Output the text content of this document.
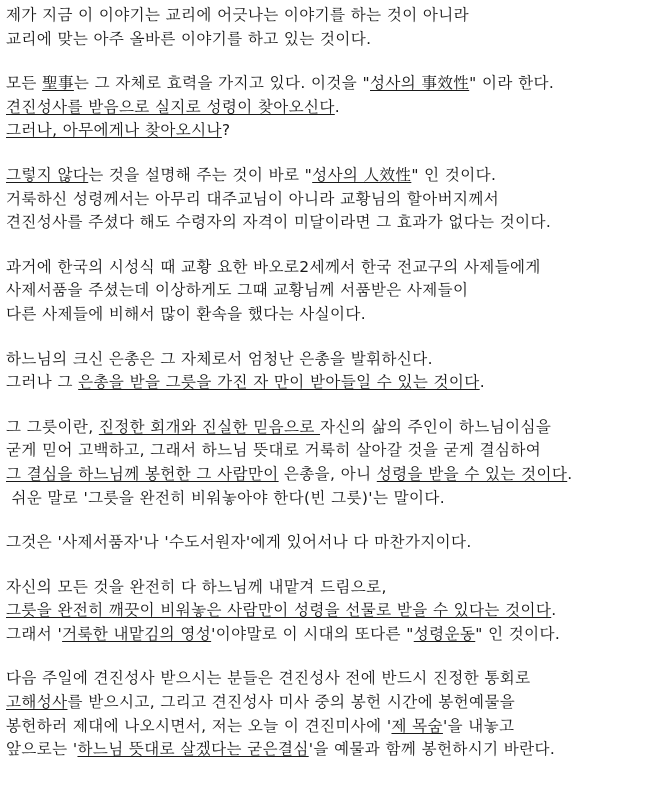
제가 지금 이 이야기는 교리에 어긋나는 이야기를 하는 것이 아니라
교리에 맞는 아주 올바른 이야기를 하고 있는 것이다.
모든 聖事는 그 자체로 효력을 가지고 있다. 이것을 "성사의 事效性" 이라 한다.
견진성사를 받음으로 실지로 성령이 찾아오신다.
그러나, 아무에게나 찾아오시나?
그렇지 않다는 것을 설명해 주는 것이 바로 "성사의 人效性" 인 것이다.
거룩하신 성령께서는 아무리 대주교님이 아니라 교황님의 할아버지께서
견진성사를 주셨다 해도 수령자의 자격이 미달이라면 그 효과가 없다는 것이다.
과거에 한국의 시성식 때 교황 요한 바오로2세께서 한국 전교구의 사제들에게
사제서품을 주셨는데 이상하게도 그때 교황님께 서품받은 사제들이
다른 사제들에 비해서 많이 환속을 했다는 사실이다.
하느님의 크신 은총은 그 자체로서 엄청난 은총을 발휘하신다.
그러나 그 은총을 받을 그릇을 가진 자 만이 받아들일 수 있는 것이다.
그 그릇이란, 진정한 회개와 진실한 믿음으로 자신의 삶의 주인이 하느님이심을
굳게 믿어 고백하고, 그래서 하느님 뜻대로 거룩히 살아갈 것을 굳게 결심하여
그 결심을 하느님께 봉헌한 그 사람만이 은총을, 아니 성령을 받을 수 있는 것이다.
쉬운 말로 '그릇을 완전히 비워놓아야 한다(빈 그릇)'는 말이다.
그것은 '사제서품자'나 '수도서원자'에게 있어서나 다 마찬가지이다.
자신의 모든 것을 완전히 다 하느님께 내맡겨 드림으로,
그릇을 완전히 깨끗이 비워놓은 사람만이 성령을 선물로 받을 수 있다는 것이다.
그래서 '거룩한 내맡김의 영성'이야말로 이 시대의 또다른 "성령운동" 인 것이다.
다음 주일에 견진성사 받으시는 분들은 견진성사 전에 반드시 진정한 통회로
고해성사를 받으시고, 그리고 견진성사 미사 중의 봉헌 시간에 봉헌예물을
봉헌하러 제대에 나오시면서, 저는 오늘 이 견진미사에 '제 목숨'을 내놓고
앞으로는 '하느님 뜻대로 살겠다는 굳은결심'을 예물과 함께 봉헌하시기 바란다.
